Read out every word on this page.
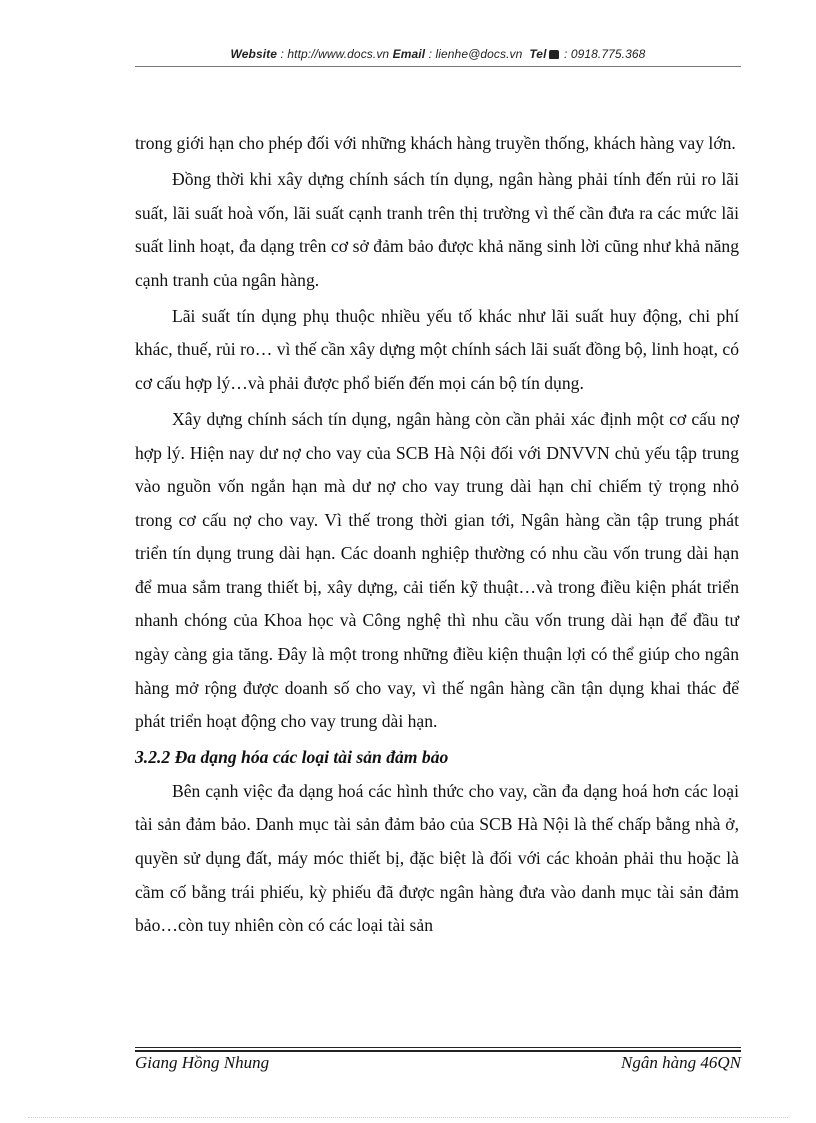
Website : http://www.docs.vn Email : lienhe@docs.vn Tel : 0918.775.368

trong giới hạn cho phép đối với những khách hàng truyền thống, khách hàng vay lớn.

Đồng thời khi xây dựng chính sách tín dụng, ngân hàng phải tính đến rủi ro lãi suất, lãi suất hoà vốn, lãi suất cạnh tranh trên thị trường vì thế cần đưa ra các mức lãi suất linh hoạt, đa dạng trên cơ sở đảm bảo được khả năng sinh lời cũng như khả năng cạnh tranh của ngân hàng.

Lãi suất tín dụng phụ thuộc nhiều yếu tố khác như lãi suất huy động, chi phí khác, thuế, rủi ro… vì thế cần xây dựng một chính sách lãi suất đồng bộ, linh hoạt, có cơ cấu hợp lý…và phải được phổ biến đến mọi cán bộ tín dụng.

Xây dựng chính sách tín dụng, ngân hàng còn cần phải xác định một cơ cấu nợ hợp lý. Hiện nay dư nợ cho vay của SCB Hà Nội đối với DNVVN chủ yếu tập trung vào nguồn vốn ngắn hạn mà dư nợ cho vay trung dài hạn chỉ chiếm tỷ trọng nhỏ trong cơ cấu nợ cho vay. Vì thế trong thời gian tới, Ngân hàng cần tập trung phát triển tín dụng trung dài hạn. Các doanh nghiệp thường có nhu cầu vốn trung dài hạn để mua sắm trang thiết bị, xây dựng, cải tiến kỹ thuật…và trong điều kiện phát triển nhanh chóng của Khoa học và Công nghệ thì nhu cầu vốn trung dài hạn để đầu tư ngày càng gia tăng. Đây là một trong những điều kiện thuận lợi có thể giúp cho ngân hàng mở rộng được doanh số cho vay, vì thế ngân hàng cần tận dụng khai thác để phát triển hoạt động cho vay trung dài hạn.

3.2.2 Đa dạng hóa các loại tài sản đảm bảo

Bên cạnh việc đa dạng hoá các hình thức cho vay, cần đa dạng hoá hơn các loại tài sản đảm bảo. Danh mục tài sản đảm bảo của SCB Hà Nội là thế chấp bằng nhà ở, quyền sử dụng đất, máy móc thiết bị, đặc biệt là đối với các khoản phải thu hoặc là cầm cố bằng trái phiếu, kỳ phiếu đã được ngân hàng đưa vào danh mục tài sản đảm bảo…còn tuy nhiên còn có các loại tài sản

Giang Hồng Nhung	Ngân hàng 46QN
